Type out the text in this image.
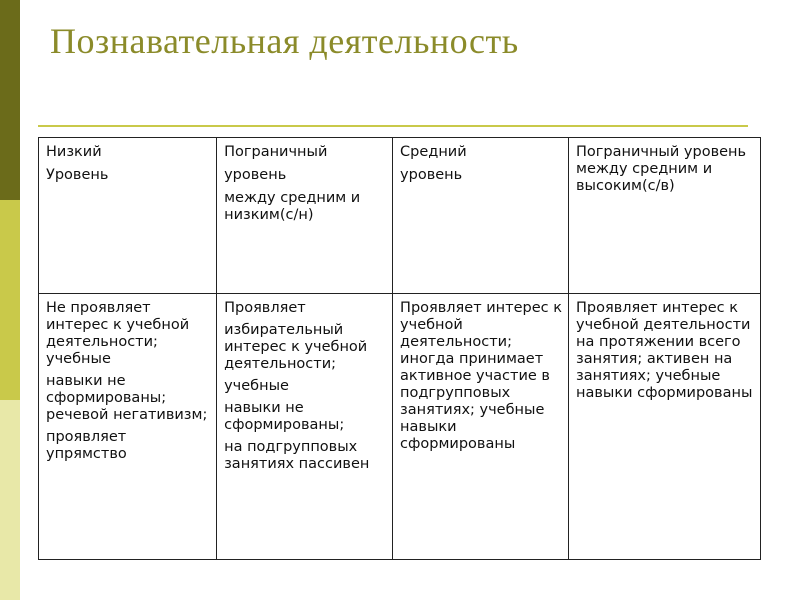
Познавательная деятельность
Низкий
Уровень	Пограничный
уровень
между средним и низким(с/н)	Средний
уровень	Пограничный уровень между средним и высоким(с/в)

Не проявляет интерес к учебной деятельности; учебные
навыки не сформированы; речевой негативизм;
проявляет упрямство	Проявляет
избирательный интерес к учебной деятельности;
учебные
навыки не сформированы;
на подгрупповых занятиях пассивен	Проявляет интерес к учебной деятельности; иногда принимает активное участие в подгрупповых занятиях; учебные навыки сформированы	Проявляет интерес к учебной деятельности на протяжении всего занятия; активен на занятиях; учебные навыки сформированы
